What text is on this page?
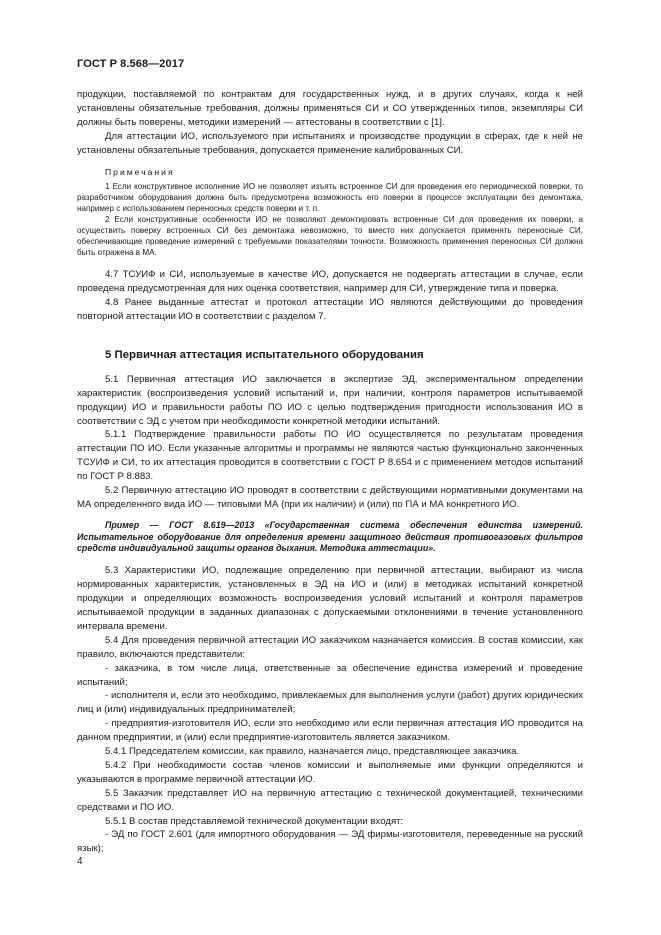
ГОСТ Р 8.568—2017

продукции, поставляемой по контрактам для государственных нужд, и в других случаях, когда к ней установлены обязательные требования, должны применяться СИ и СО утвержденных типов, экземпляры СИ должны быть поверены, методики измерений — аттестованы в соответствии с [1].

Для аттестации ИО, используемого при испытаниях и производстве продукции в сферах, где к ней не установлены обязательные требования, допускается применение калиброванных СИ.

Примечания

1 Если конструктивное исполнение ИО не позволяет изъять встроенное СИ для проведения его периодической поверки, то разработчиком оборудования должна быть предусмотрена возможность его поверки в процессе эксплуатации без демонтажа, например с использованием переносных средств поверки и т. п.

2 Если конструктивные особенности ИО не позволяют демонтировать встроенные СИ для проведения их поверки, а осуществить поверку встроенных СИ без демонтажа невозможно, то вместо них допускается применять переносные СИ, обеспечивающие проведение измерений с требуемыми показателями точности. Возможность применения переносных СИ должна быть отражена в МА.

4.7 ТСУИФ и СИ, используемые в качестве ИО, допускается не подвергать аттестации в случае, если проведена предусмотренная для них оценка соответствия, например для СИ, утверждение типа и поверка.

4.8 Ранее выданные аттестат и протокол аттестации ИО являются действующими до проведения повторной аттестации ИО в соответствии с разделом 7.

5 Первичная аттестация испытательного оборудования

5.1 Первичная аттестация ИО заключается в экспертизе ЭД, экспериментальном определении характеристик (воспроизведения условий испытаний и, при наличии, контроля параметров испытываемой продукции) ИО и правильности работы ПО ИО с целью подтверждения пригодности использования ИО в соответствии с ЭД с учетом при необходимости конкретной методики испытаний.

5.1.1 Подтверждение правильности работы ПО ИО осуществляется по результатам проведения аттестации ПО ИО. Если указанные алгоритмы и программы не являются частью функционально законченных ТСУИФ и СИ, то их аттестация проводится в соответствии с ГОСТ Р 8.654 и с применением методов испытаний по ГОСТ Р 8.883.

5.2 Первичную аттестацию ИО проводят в соответствии с действующими нормативными документами на МА определенного вида ИО — типовыми МА (при их наличии) и (или) по ПА и МА конкретного ИО.

Пример — ГОСТ 8.619—2013 «Государственная система обеспечения единства измерений. Испытательное оборудование для определения времени защитного действия противогазовых фильтров средств индивидуальной защиты органов дыхания. Методика аттестации».

5.3 Характеристики ИО, подлежащие определению при первичной аттестации, выбирают из числа нормированных характеристик, установленных в ЭД на ИО и (или) в методиках испытаний конкретной продукции и определяющих возможность воспроизведения условий испытаний и контроля параметров испытываемой продукции в заданных диапазонах с допускаемыми отклонениями в течение установленного интервала времени.

5.4 Для проведения первичной аттестации ИО заказчиком назначается комиссия. В состав комиссии, как правило, включаются представители:

- заказчика, в том числе лица, ответственные за обеспечение единства измерений и проведение испытаний;

- исполнителя и, если это необходимо, привлекаемых для выполнения услуги (работ) других юридических лиц и (или) индивидуальных предпринимателей;

- предприятия-изготовителя ИО, если это необходимо или если первичная аттестация ИО проводится на данном предприятии, и (или) если предприятие-изготовитель является заказчиком.

5.4.1 Председателем комиссии, как правило, назначается лицо, представляющее заказчика.

5.4.2 При необходимости состав членов комиссии и выполняемые ими функции определяются и указываются в программе первичной аттестации ИО.

5.5 Заказчик представляет ИО на первичную аттестацию с технической документацией, техническими средствами и ПО ИО.

5.5.1 В состав представляемой технической документации входят:

- ЭД по ГОСТ 2.601 (для импортного оборудования — ЭД фирмы-изготовителя, переведенные на русский язык);

4
